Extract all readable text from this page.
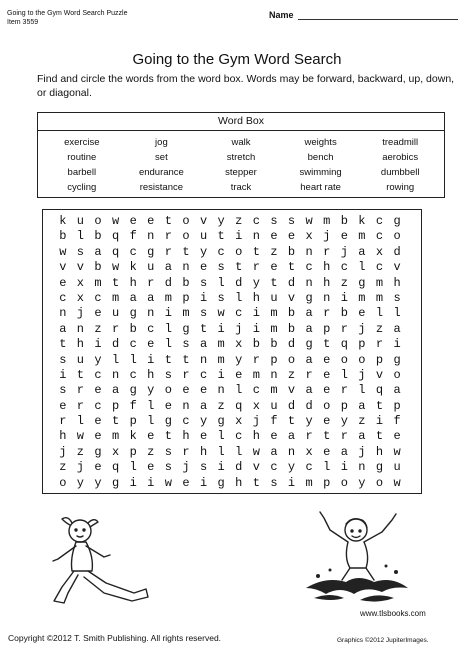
Going to the Gym Word Search Puzzle
Item 3559
Name
Going to the Gym Word Search
Find and circle the words from the word box. Words may be forward, backward, up, down, or diagonal.
Word Box
exercise	jog	walk	weights	treadmill
routine	set	stretch	bench	aerobics
barbell	endurance	stepper	swimming	dumbbell
cycling	resistance	track	heart rate	rowing
k u o w e e t o v y z c s s w m b k c g
b l b q f n r o u t i n e e x j e m c o
w s a q c g r t y c o t z b n r j a x d
v v b w k u a n e s t r e t c h c l c v
e x m t h r d b s l d y t d n h z g m h
c x c m a a m p i s l h u v g n i m m s
n j e u g n i m s w c i m b a r b e l l
a n z r b c l g t i j i m b a p r j z a
t h i d c e l s a m x b b d g t q p r i
s u y l l i t t n m y r p o a e o o p g
i t c n c h s r c i e m n z r e l j v o
s r e a g y o e e n l c m v a e r l q a
e r c p f l e n a z q x u d d o p a t p
r l e t p l g c y g x j f t y e y z i f
h w e m k e t h e l c h e a r t r a t e
j z g x p z s r h l l w a n x e a j h w
z j e q l e s j s i d v c y c l i n g u
o y y g i i w e i g h t s i m p o y o w
www.tlsbooks.com
Copyright ©2012 T. Smith Publishing. All rights reserved.	Graphics ©2012 JupiterImages.
